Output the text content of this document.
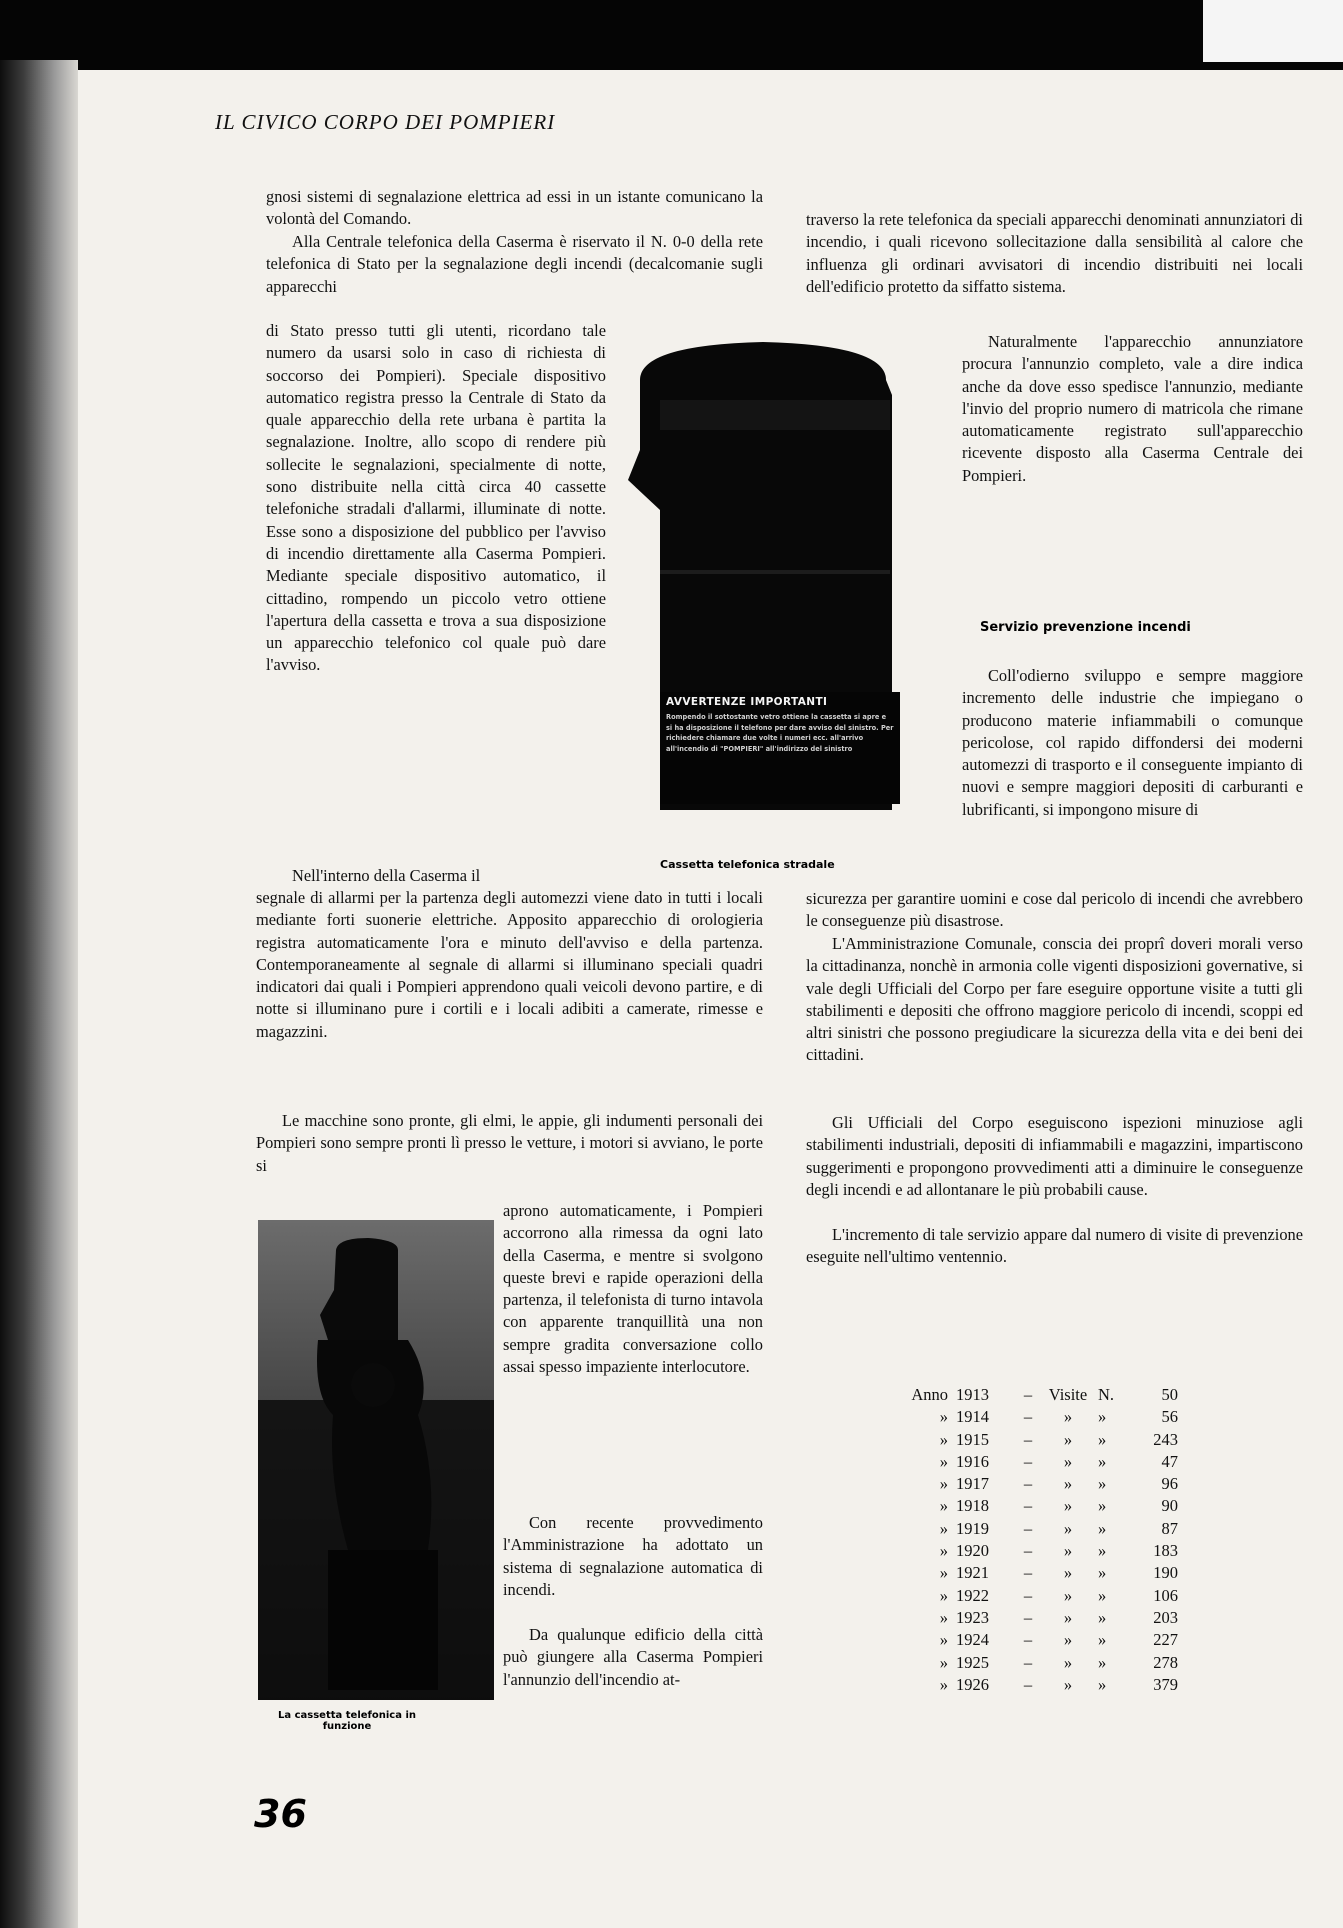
IL CIVICO CORPO DEI POMPIERI

gnosi sistemi di segnalazione elettrica ad essi in un istante comunicano la volontà del Comando.

Alla Centrale telefonica della Caserma è riservato il N. 0-0 della rete telefonica di Stato per la segnalazione degli incendi (decalcomanie sugli apparecchi

di Stato presso tutti gli utenti, ricordano tale numero da usarsi solo in caso di richiesta di soccorso dei Pompieri). Speciale dispositivo automatico registra presso la Centrale di Stato da quale apparecchio della rete urbana è partita la segnalazione. Inoltre, allo scopo di rendere più sollecite le segnalazioni, specialmente di notte, sono distribuite nella città circa 40 cassette telefoniche stradali d'allarmi, illuminate di notte. Esse sono a disposizione del pubblico per l'avviso di incendio direttamente alla Caserma Pompieri. Mediante speciale dispositivo automatico, il cittadino, rompendo un piccolo vetro ottiene l'apertura della cassetta e trova a sua disposizione un apparecchio telefonico col quale può dare l'avviso.

Nell'interno della Caserma il

segnale di allarmi per la partenza degli automezzi viene dato in tutti i locali mediante forti suonerie elettriche. Apposito apparecchio di orologieria registra automaticamente l'ora e minuto dell'avviso e della partenza. Contemporaneamente al segnale di allarmi si illuminano speciali quadri indicatori dai quali i Pompieri apprendono quali veicoli devono partire, e di notte si illuminano pure i cortili e i locali adibiti a camerate, rimesse e magazzini.

Le macchine sono pronte, gli elmi, le appie, gli indumenti personali dei Pompieri sono sempre pronti lì presso le vetture, i motori si avviano, le porte si

aprono automaticamente, i Pompieri accorrono alla rimessa da ogni lato della Caserma, e mentre si svolgono queste brevi e rapide operazioni della partenza, il telefonista di turno intavola con apparente tranquillità una non sempre gradita conversazione collo assai spesso impaziente interlocutore.

Con recente provvedimento l'Amministrazione ha adottato un sistema di segnalazione automatica di incendi.

Da qualunque edificio della città può giungere alla Caserma Pompieri l'annunzio dell'incendio at-

AVVERTENZE IMPORTANTI
Rompendo il sottostante vetro ottiene la cassetta si apre e si ha disposizione il telefono per dare avviso del sinistro. Per richiedere chiamare due volte i numeri ecc. all'arrivo all'incendio di "POMPIERI" all'indirizzo del sinistro
Cassetta telefonica stradale
La cassetta telefonica in funzione

traverso la rete telefonica da speciali apparecchi denominati annunziatori di incendio, i quali ricevono sollecitazione dalla sensibilità al calore che influenza gli ordinari avvisatori di incendio distribuiti nei locali dell'edificio protetto da siffatto sistema.

Naturalmente l'apparecchio annunziatore procura l'annunzio completo, vale a dire indica anche da dove esso spedisce l'annunzio, mediante l'invio del proprio numero di matricola che rimane automaticamente registrato sull'apparecchio ricevente disposto alla Caserma Centrale dei Pompieri.

Servizio prevenzione incendi

Coll'odierno sviluppo e sempre maggiore incremento delle industrie che impiegano o producono materie infiammabili o comunque pericolose, col rapido diffondersi dei moderni automezzi di trasporto e il conseguente impianto di nuovi e sempre maggiori depositi di carburanti e lubrificanti, si impongono misure di

sicurezza per garantire uomini e cose dal pericolo di incendi che avrebbero le conseguenze più disastrose.

L'Amministrazione Comunale, conscia dei proprî doveri morali verso la cittadinanza, nonchè in armonia colle vigenti disposizioni governative, si vale degli Ufficiali del Corpo per fare eseguire opportune visite a tutti gli stabilimenti e depositi che offrono maggiore pericolo di incendi, scoppi ed altri sinistri che possono pregiudicare la sicurezza della vita e dei beni dei cittadini.

Gli Ufficiali del Corpo eseguiscono ispezioni minuziose agli stabilimenti industriali, depositi di infiammabili e magazzini, impartiscono suggerimenti e propongono provvedimenti atti a diminuire le conseguenze degli incendi e ad allontanare le più probabili cause.

L'incremento di tale servizio appare dal numero di visite di prevenzione eseguite nell'ultimo ventennio.

Anno	1913	–	Visite	N.	50
»	1914	–	»	»	56
»	1915	–	»	»	243
»	1916	–	»	»	47
»	1917	–	»	»	96
»	1918	–	»	»	90
»	1919	–	»	»	87
»	1920	–	»	»	183
»	1921	–	»	»	190
»	1922	–	»	»	106
»	1923	–	»	»	203
»	1924	–	»	»	227
»	1925	–	»	»	278
»	1926	–	»	»	379
36
